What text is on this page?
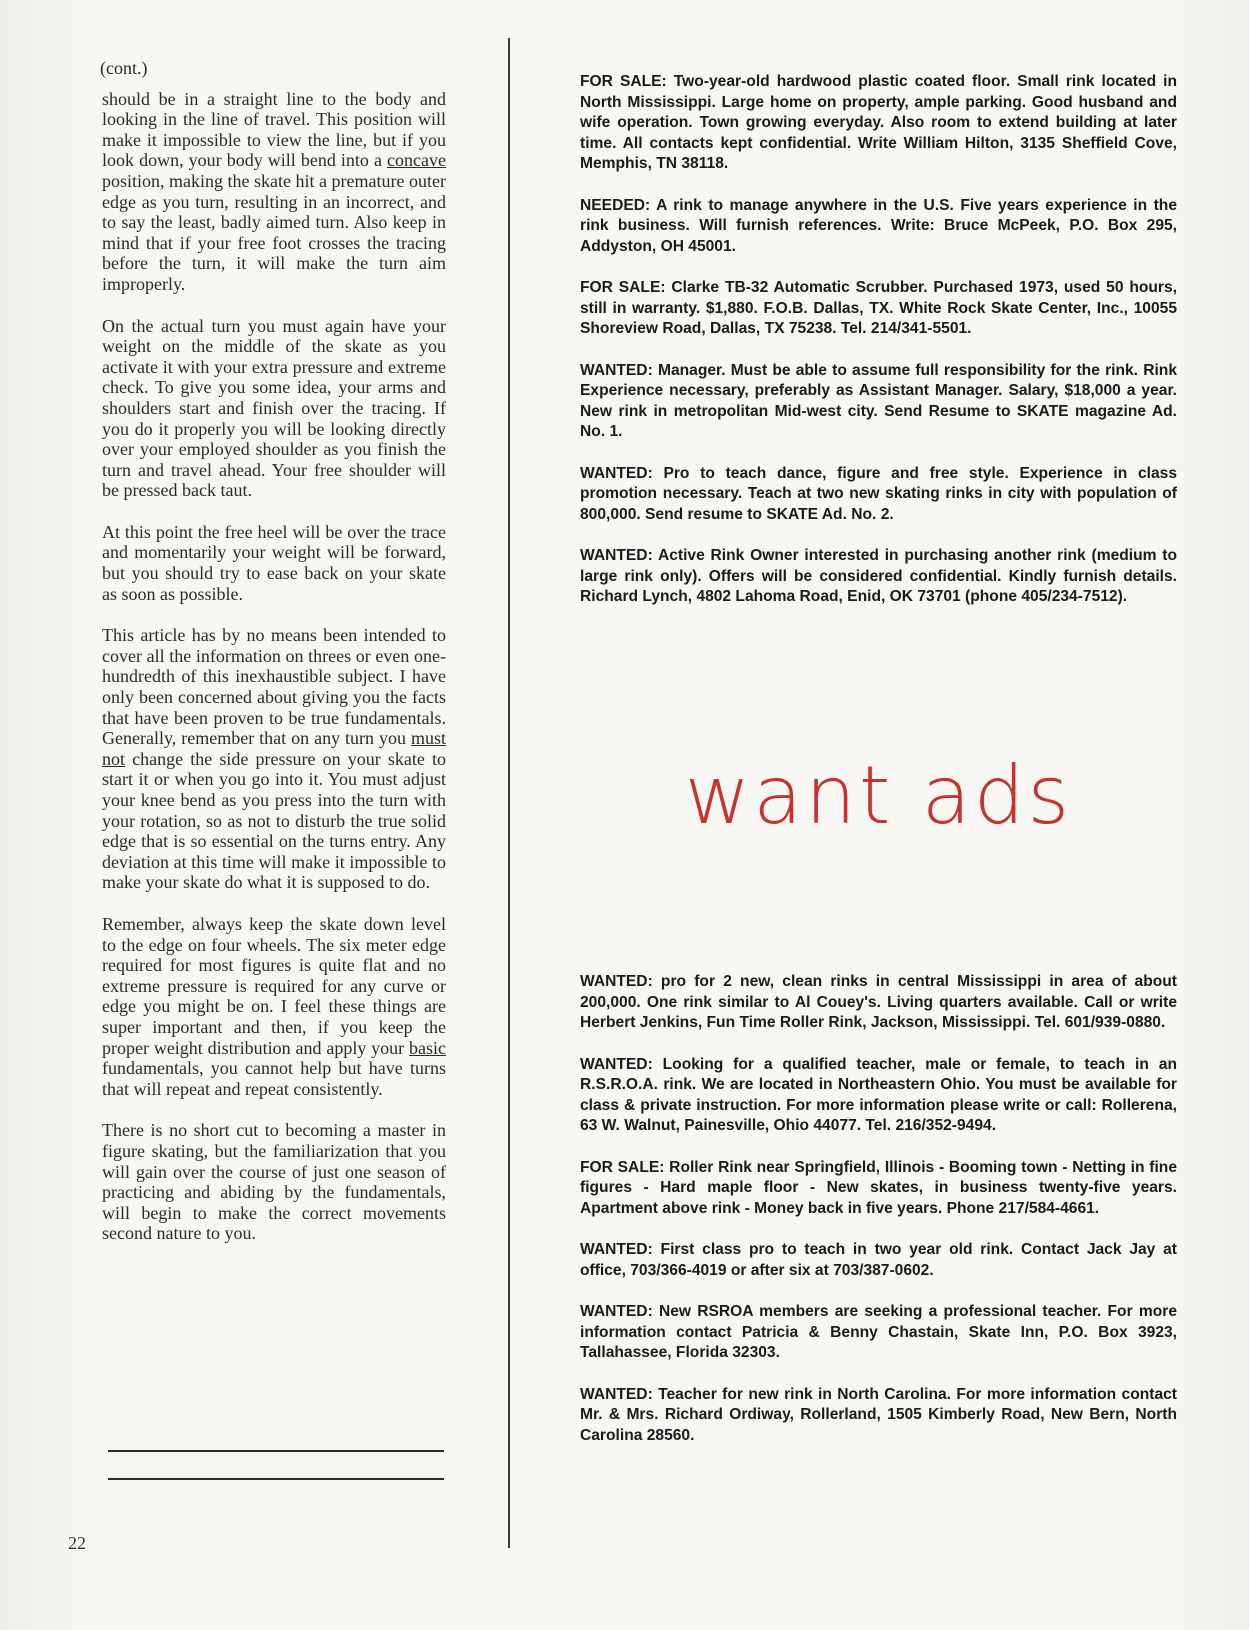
(cont.)

should be in a straight line to the body and looking in the line of travel. This position will make it impossible to view the line, but if you look down, your body will bend into a concave position, making the skate hit a premature outer edge as you turn, resulting in an incorrect, and to say the least, badly aimed turn. Also keep in mind that if your free foot crosses the tracing before the turn, it will make the turn aim improperly.

On the actual turn you must again have your weight on the middle of the skate as you activate it with your extra pressure and extreme check. To give you some idea, your arms and shoulders start and finish over the tracing. If you do it properly you will be looking directly over your employed shoulder as you finish the turn and travel ahead. Your free shoulder will be pressed back taut.

At this point the free heel will be over the trace and momentarily your weight will be forward, but you should try to ease back on your skate as soon as possible.

This article has by no means been intended to cover all the information on threes or even one-hundredth of this inexhaustible subject. I have only been concerned about giving you the facts that have been proven to be true fundamentals. Generally, remember that on any turn you must not change the side pressure on your skate to start it or when you go into it. You must adjust your knee bend as you press into the turn with your rotation, so as not to disturb the true solid edge that is so essential on the turns entry. Any deviation at this time will make it impossible to make your skate do what it is supposed to do.

Remember, always keep the skate down level to the edge on four wheels. The six meter edge required for most figures is quite flat and no extreme pressure is required for any curve or edge you might be on. I feel these things are super important and then, if you keep the proper weight distribution and apply your basic fundamentals, you cannot help but have turns that will repeat and repeat consistently.

There is no short cut to becoming a master in figure skating, but the familiarization that you will gain over the course of just one season of practicing and abiding by the fundamentals, will begin to make the correct movements second nature to you.

22
FOR SALE: Two-year-old hardwood plastic coated floor. Small rink located in North Mississippi. Large home on property, ample parking. Good husband and wife operation. Town growing everyday. Also room to extend building at later time. All contacts kept confidential. Write William Hilton, 3135 Sheffield Cove, Memphis, TN 38118.
NEEDED: A rink to manage anywhere in the U.S. Five years experience in the rink business. Will furnish references. Write: Bruce McPeek, P.O. Box 295, Addyston, OH 45001.
FOR SALE: Clarke TB-32 Automatic Scrubber. Purchased 1973, used 50 hours, still in warranty. $1,880. F.O.B. Dallas, TX. White Rock Skate Center, Inc., 10055 Shoreview Road, Dallas, TX 75238. Tel. 214/341-5501.
WANTED: Manager. Must be able to assume full responsibility for the rink. Rink Experience necessary, preferably as Assistant Manager. Salary, $18,000 a year. New rink in metropolitan Mid-west city. Send Resume to SKATE magazine Ad. No. 1.
WANTED: Pro to teach dance, figure and free style. Experience in class promotion necessary. Teach at two new skating rinks in city with population of 800,000. Send resume to SKATE Ad. No. 2.
WANTED: Active Rink Owner interested in purchasing another rink (medium to large rink only). Offers will be considered confidential. Kindly furnish details. Richard Lynch, 4802 Lahoma Road, Enid, OK 73701 (phone 405/234-7512).
want ads
WANTED: pro for 2 new, clean rinks in central Mississippi in area of about 200,000. One rink similar to Al Couey's. Living quarters available. Call or write Herbert Jenkins, Fun Time Roller Rink, Jackson, Mississippi. Tel. 601/939-0880.
WANTED: Looking for a qualified teacher, male or female, to teach in an R.S.R.O.A. rink. We are located in Northeastern Ohio. You must be available for class & private instruction. For more information please write or call: Rollerena, 63 W. Walnut, Painesville, Ohio 44077. Tel. 216/352-9494.
FOR SALE: Roller Rink near Springfield, Illinois - Booming town - Netting in fine figures - Hard maple floor - New skates, in business twenty-five years. Apartment above rink - Money back in five years. Phone 217/584-4661.
WANTED: First class pro to teach in two year old rink. Contact Jack Jay at office, 703/366-4019 or after six at 703/387-0602.
WANTED: New RSROA members are seeking a professional teacher. For more information contact Patricia & Benny Chastain, Skate Inn, P.O. Box 3923, Tallahassee, Florida 32303.
WANTED: Teacher for new rink in North Carolina. For more information contact Mr. & Mrs. Richard Ordiway, Rollerland, 1505 Kimberly Road, New Bern, North Carolina 28560.
